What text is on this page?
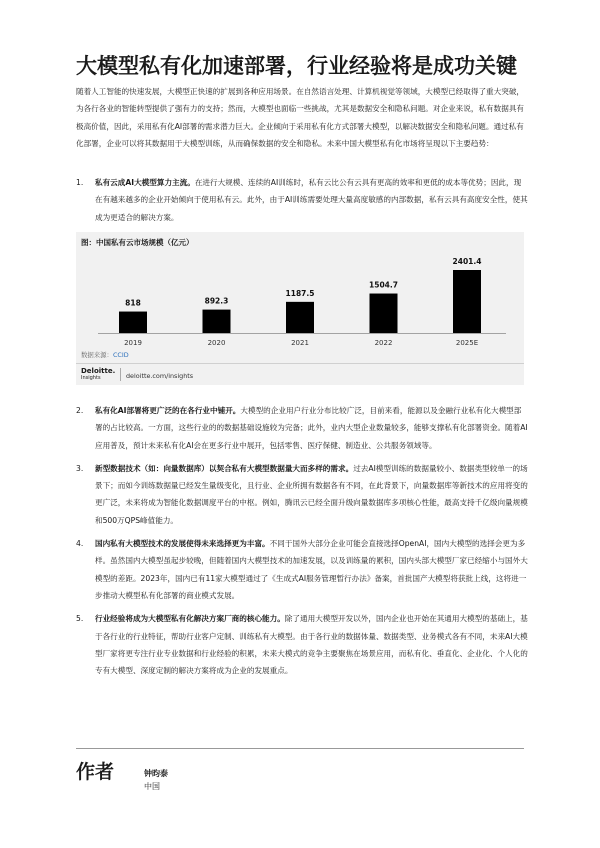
大模型私有化加速部署，行业经验将是成功关键
随着人工智能的快速发展，大模型正快速的扩展到各种应用场景。在自然语言处理、计算机视觉等领域，大模型已经取得了重大突破，为各行各业的智能转型提供了强有力的支持；然而，大模型也面临一些挑战，尤其是数据安全和隐私问题。对企业来说，私有数据具有极高价值，因此，采用私有化AI部署的需求潜力巨大。企业倾向于采用私有化方式部署大模型，以解决数据安全和隐私问题。通过私有化部署，企业可以将其数据用于大模型训练，从而确保数据的安全和隐私。未来中国大模型私有化市场将呈现以下主要趋势：
1. 私有云成AI大模型算力主流。在进行大规模、连续的AI训练时，私有云比公有云具有更高的效率和更低的成本等优势；因此，现在有越来越多的企业开始倾向于使用私有云。此外，由于AI训练需要处理大量高度敏感的内部数据，私有云具有高度安全性，使其成为更适合的解决方案。
图：中国私有云市场规模（亿元）
818
2019
892.3
2020
1187.5
2021
1504.7
2022
2401.4
2025E
数据来源：CCID
Deloitte.
Insights	deloitte.com/insights
2. 私有化AI部署将更广泛的在各行业中铺开。大模型的企业用户行业分布比较广泛，目前来看，能源以及金融行业私有化大模型部署的占比较高。一方面，这些行业的的数据基础设施较为完备；此外，业内大型企业数量较多，能够支撑私有化部署资金。随着AI应用普及，预计未来私有化AI会在更多行业中展开，包括零售、医疗保健、制造业、公共服务领域等。
3. 新型数据技术（如：向量数据库）以契合私有大模型数据量大而多样的需求。过去AI模型训练的数据量较小、数据类型较单一的场景下；而如今训练数据量已经发生量级变化，且行业、企业所拥有数据各有不同，在此背景下，向量数据库等新技术的应用将变的更广泛，未来将成为智能化数据调度平台的中枢。例如，腾讯云已经全面升级向量数据库多项核心性能，最高支持千亿级向量规模和500万QPS峰值能力。
4. 国内私有大模型技术的发展使得未来选择更为丰富。不同于国外大部分企业可能会直接选择OpenAI，国内大模型的选择会更为多样。虽然国内大模型虽起步较晚，但随着国内大模型技术的加速发展，以及训练量的累积，国内头部大模型厂家已经缩小与国外大模型的差距。2023年，国内已有11家大模型通过了《生成式AI服务管理暂行办法》备案，首批国产大模型将获批上线，这将进一步推动大模型私有化部署的商业模式发展。
5. 行业经验将成为大模型私有化解决方案厂商的核心能力。除了通用大模型开发以外，国内企业也开始在其通用大模型的基础上，基于各行业的行业特征，帮助行业客户定制、训练私有大模型。由于各行业的数据体量、数据类型、业务模式各有不同，未来AI大模型厂家将更专注行业专业数据和行业经验的积累，未来大模式的竞争主要聚焦在场景应用，而私有化、垂直化、企业化、个人化的专有大模型、深度定制的解决方案将成为企业的发展重点。
作者	钟昀泰
中国
